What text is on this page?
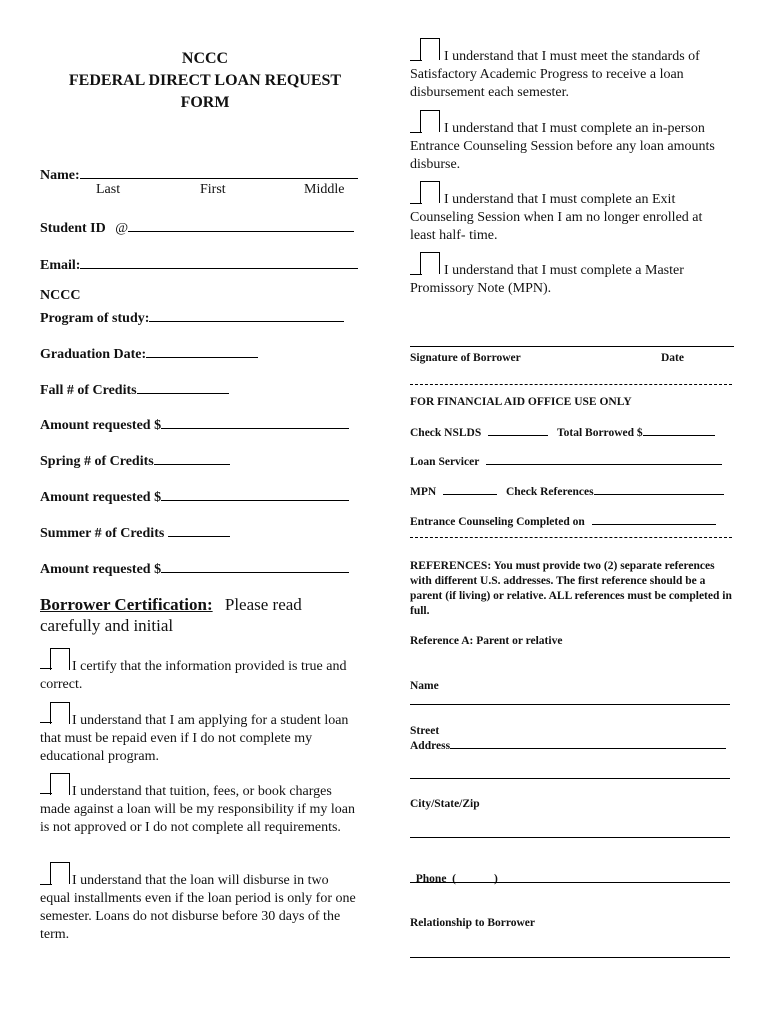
NCCC
FEDERAL DIRECT LOAN REQUEST
FORM
Name:
Last	First	Middle
Student ID @
Email:
NCCC
Program of study:
Graduation Date:
Fall # of Credits
Amount requested $
Spring # of Credits
Amount requested $
Summer # of Credits
Amount requested $
Borrower Certification: Please read
carefully and initial
I certify that the information provided is true and correct.
I understand that I am applying for a student loan that must be repaid even if I do not complete my educational program.
I understand that tuition, fees, or book charges made against a loan will be my responsibility if my loan is not approved or I do not complete all requirements.
I understand that the loan will disburse in two equal installments even if the loan period is only for one semester. Loans do not disburse before 30 days of the term.
I understand that I must meet the standards of Satisfactory Academic Progress to receive a loan disbursement each semester.
I understand that I must complete an in-person Entrance Counseling Session before any loan amounts disburse.
I understand that I must complete an Exit Counseling Session when I am no longer enrolled at least half- time.
I understand that I must complete a Master Promissory Note (MPN).
Signature of Borrower	Date
FOR FINANCIAL AID OFFICE USE ONLY
Check NSLDS	Total Borrowed $
Loan Servicer
MPN	Check References
Entrance Counseling Completed on
REFERENCES: You must provide two (2) separate references with different U.S. addresses. The first reference should be a parent (if living) or relative. ALL references must be completed in full.
Reference A: Parent or relative
Name
Street
Address
City/State/Zip

Phone  (	)

Relationship to Borrower
